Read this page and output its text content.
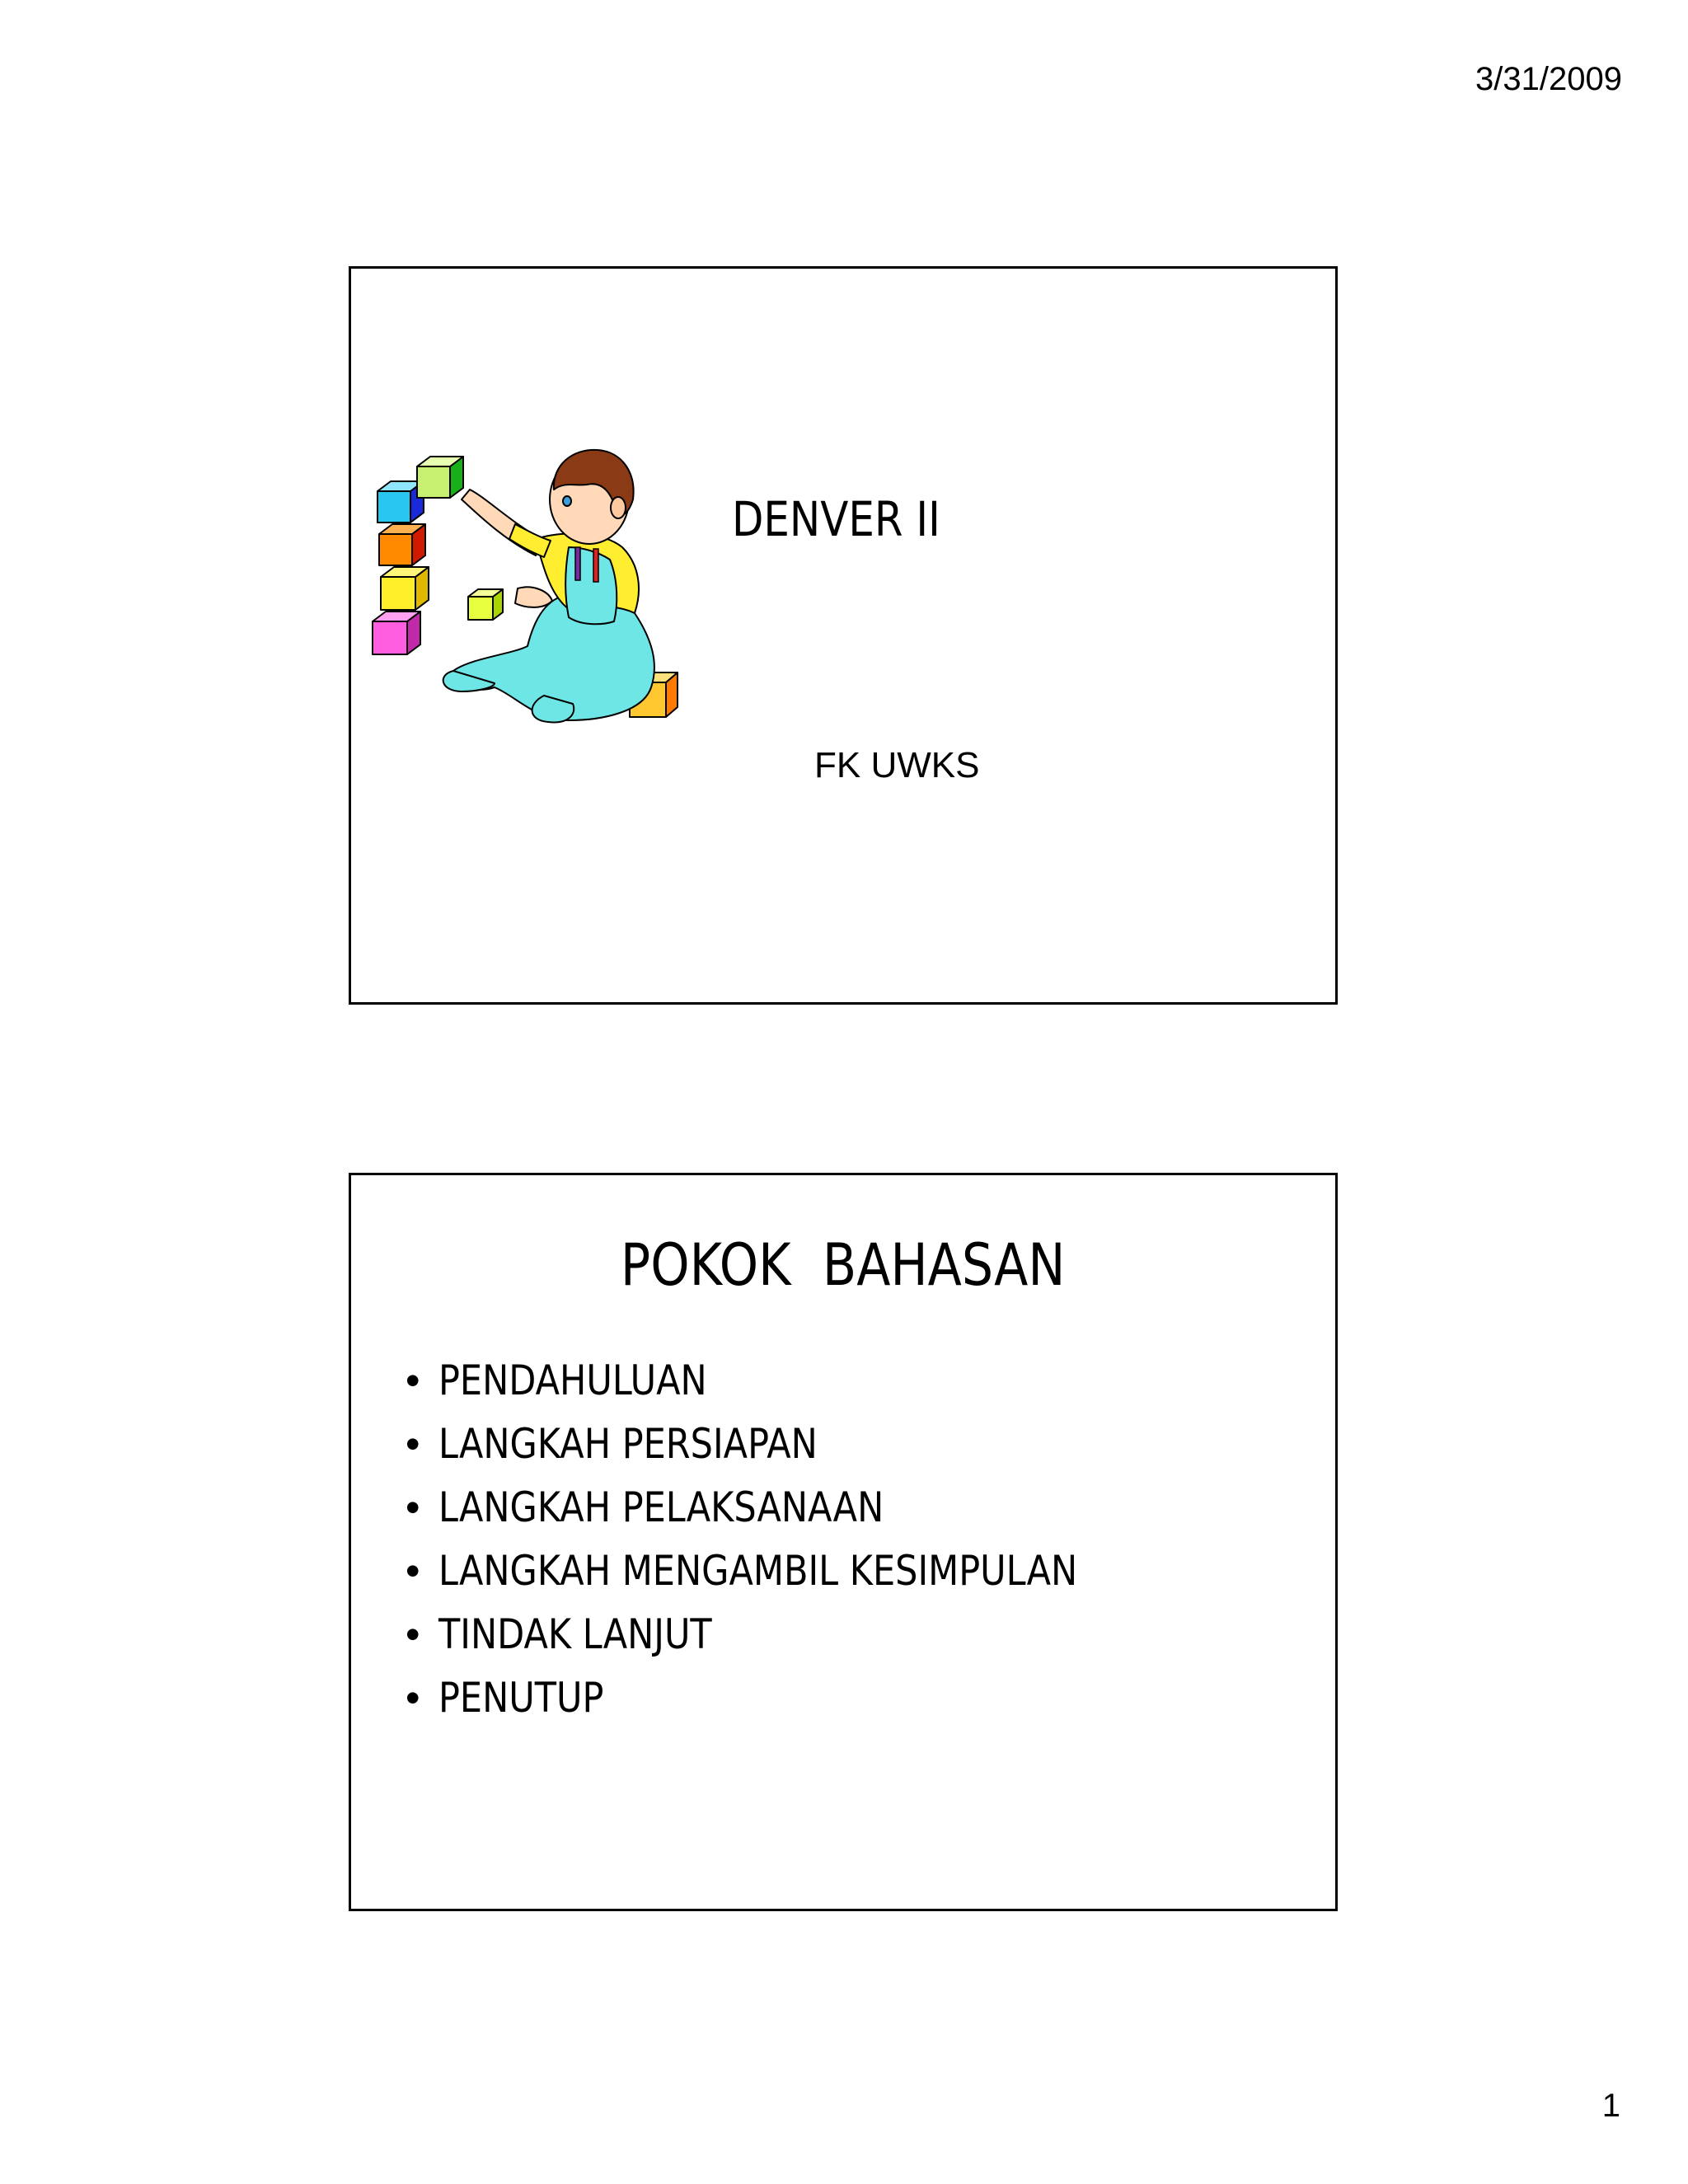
3/31/2009
DENVER II
FK UWKS
POKOK  BAHASAN
• PENDAHULUAN
• LANGKAH PERSIAPAN
• LANGKAH PELAKSANAAN
• LANGKAH MENGAMBIL KESIMPULAN
• TINDAK LANJUT
• PENUTUP
1
